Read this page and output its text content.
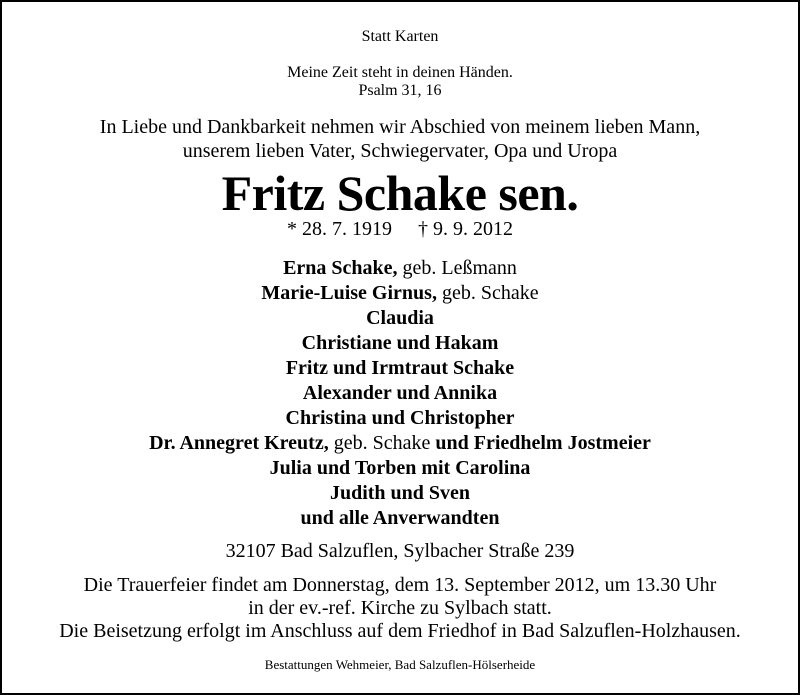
Statt Karten
Meine Zeit steht in deinen Händen.
Psalm 31, 16
In Liebe und Dankbarkeit nehmen wir Abschied von meinem lieben Mann,
unserem lieben Vater, Schwiegervater, Opa und Uropa
Fritz Schake sen.
* 28. 7. 1919 † 9. 9. 2012
Erna Schake, geb. Leßmann
Marie-Luise Girnus, geb. Schake
Claudia
Christiane und Hakam
Fritz und Irmtraut Schake
Alexander und Annika
Christina und Christopher
Dr. Annegret Kreutz, geb. Schake und Friedhelm Jostmeier
Julia und Torben mit Carolina
Judith und Sven
und alle Anverwandten
32107 Bad Salzuflen, Sylbacher Straße 239
Die Trauerfeier findet am Donnerstag, dem 13. September 2012, um 13.30 Uhr
in der ev.-ref. Kirche zu Sylbach statt.
Die Beisetzung erfolgt im Anschluss auf dem Friedhof in Bad Salzuflen-Holzhausen.
Bestattungen Wehmeier, Bad Salzuflen-Hölserheide
